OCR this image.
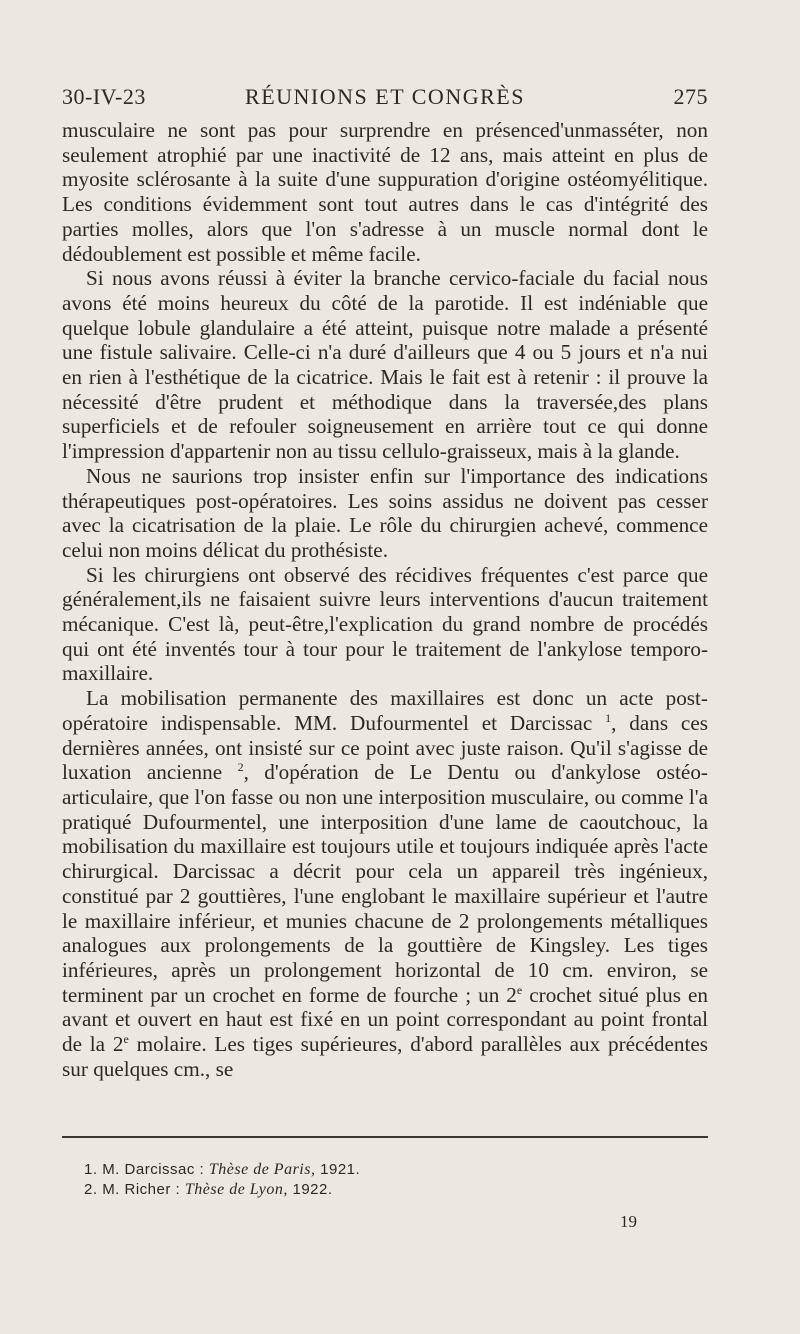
30-IV-23	RÉUNIONS ET CONGRÈS	275

musculaire ne sont pas pour surprendre en présenced'unmasséter, non seulement atrophié par une inactivité de 12 ans, mais atteint en plus de myosite sclérosante à la suite d'une suppuration d'origine ostéomyélitique. Les conditions évidemment sont tout autres dans le cas d'intégrité des parties molles, alors que l'on s'adresse à un muscle normal dont le dédoublement est possible et même facile.

Si nous avons réussi à éviter la branche cervico-faciale du facial nous avons été moins heureux du côté de la parotide. Il est indéniable que quelque lobule glandulaire a été atteint, puisque notre malade a présenté une fistule salivaire. Celle-ci n'a duré d'ailleurs que 4 ou 5 jours et n'a nui en rien à l'esthétique de la cicatrice. Mais le fait est à retenir : il prouve la nécessité d'être prudent et méthodique dans la traversée,des plans superficiels et de refouler soigneusement en arrière tout ce qui donne l'impression d'appartenir non au tissu cellulo-graisseux, mais à la glande.

Nous ne saurions trop insister enfin sur l'importance des indications thérapeutiques post-opératoires. Les soins assidus ne doivent pas cesser avec la cicatrisation de la plaie. Le rôle du chirurgien achevé, commence celui non moins délicat du prothésiste.

Si les chirurgiens ont observé des récidives fréquentes c'est parce que généralement,ils ne faisaient suivre leurs interventions d'aucun traitement mécanique. C'est là, peut-être,l'explication du grand nombre de procédés qui ont été inventés tour à tour pour le traitement de l'ankylose temporo-maxillaire.

La mobilisation permanente des maxillaires est donc un acte post-opératoire indispensable. MM. Dufourmentel et Darcissac $^1$, dans ces dernières années, ont insisté sur ce point avec juste raison. Qu'il s'agisse de luxation ancienne $^2$, d'opération de Le Dentu ou d'ankylose ostéo-articulaire, que l'on fasse ou non une interposition musculaire, ou comme l'a pratiqué Dufourmentel, une interposition d'une lame de caoutchouc, la mobilisation du maxillaire est toujours utile et toujours indiquée après l'acte chirurgical. Darcissac a décrit pour cela un appareil très ingénieux, constitué par 2 gouttières, l'une englobant le maxillaire supérieur et l'autre le maxillaire inférieur, et munies chacune de 2 prolongements métalliques analogues aux prolongements de la gouttière de Kingsley. Les tiges inférieures, après un prolongement horizontal de 10 cm. environ, se terminent par un crochet en forme de fourche ; un 2e crochet situé plus en avant et ouvert en haut est fixé en un point correspondant au point frontal de la 2e molaire. Les tiges supérieures, d'abord parallèles aux précédentes sur quelques cm., se

1. M. Darcissac : Thèse de Paris, 1921.
2. M. Richer : Thèse de Lyon, 1922.
19
